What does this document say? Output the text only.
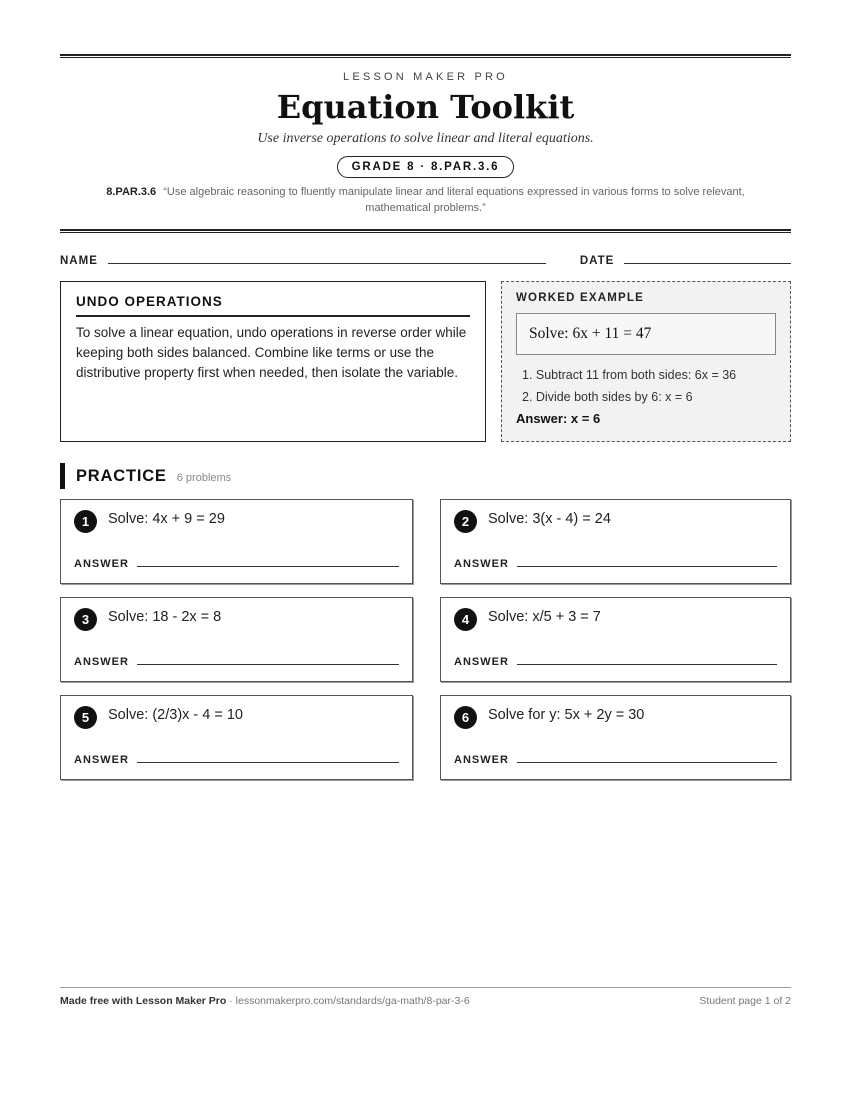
LESSON MAKER PRO
Equation Toolkit
Use inverse operations to solve linear and literal equations.
GRADE 8 · 8.PAR.3.6
8.PAR.3.6 “Use algebraic reasoning to fluently manipulate linear and literal equations expressed in various forms to solve relevant, mathematical problems.”
NAME	DATE
UNDO OPERATIONS
To solve a linear equation, undo operations in reverse order while keeping both sides balanced. Combine like terms or use the distributive property first when needed, then isolate the variable.
WORKED EXAMPLE
Solve: 6x + 11 = 47
1. Subtract 11 from both sides: 6x = 36
2. Divide both sides by 6: x = 6
Answer: x = 6
PRACTICE 6 problems
1	Solve: 4x + 9 = 29
ANSWER
2	Solve: 3(x - 4) = 24
ANSWER
3	Solve: 18 - 2x = 8
ANSWER
4	Solve: x/5 + 3 = 7
ANSWER
5	Solve: (2/3)x - 4 = 10
ANSWER
6	Solve for y: 5x + 2y = 30
ANSWER
Made free with Lesson Maker Pro · lessonmakerpro.com/standards/ga-math/8-par-3-6	Student page 1 of 2
